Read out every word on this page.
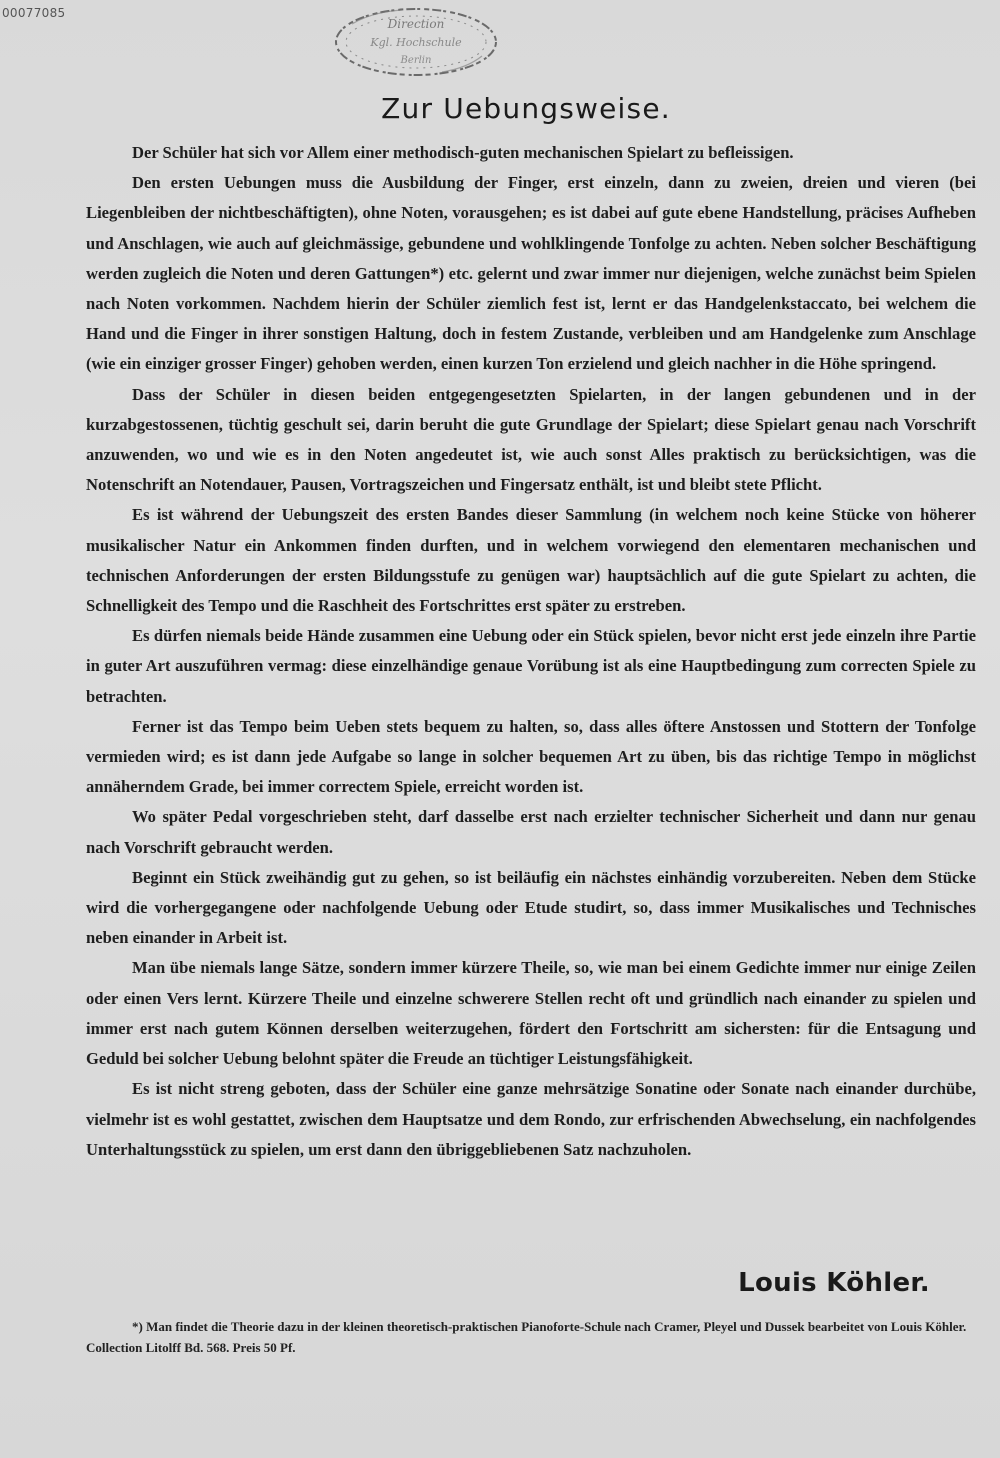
00077085
Direction
Kgl. Hochschule
Berlin
Zur Uebungsweise.

Der Schüler hat sich vor Allem einer methodisch-guten mechanischen Spielart zu befleissigen.

Den ersten Uebungen muss die Ausbildung der Finger, erst einzeln, dann zu zweien, dreien und vieren (bei Liegenbleiben der nichtbeschäftigten), ohne Noten, vorausgehen; es ist dabei auf gute ebene Handstellung, präcises Aufheben und Anschlagen, wie auch auf gleichmässige, gebundene und wohlklingende Tonfolge zu achten. Neben solcher Beschäftigung werden zugleich die Noten und deren Gattungen*) etc. gelernt und zwar immer nur diejenigen, welche zunächst beim Spielen nach Noten vorkommen. Nachdem hierin der Schüler ziemlich fest ist, lernt er das Handgelenkstaccato, bei welchem die Hand und die Finger in ihrer sonstigen Haltung, doch in festem Zustande, verbleiben und am Handgelenke zum Anschlage (wie ein einziger grosser Finger) gehoben werden, einen kurzen Ton erzielend und gleich nachher in die Höhe springend.

Dass der Schüler in diesen beiden entgegengesetzten Spielarten, in der langen gebundenen und in der kurzabgestossenen, tüchtig geschult sei, darin beruht die gute Grundlage der Spielart; diese Spielart genau nach Vorschrift anzuwenden, wo und wie es in den Noten angedeutet ist, wie auch sonst Alles praktisch zu berücksichtigen, was die Notenschrift an Notendauer, Pausen, Vortragszeichen und Fingersatz enthält, ist und bleibt stete Pflicht.

Es ist während der Uebungszeit des ersten Bandes dieser Sammlung (in welchem noch keine Stücke von höherer musikalischer Natur ein Ankommen finden durften, und in welchem vorwiegend den elementaren mechanischen und technischen Anforderungen der ersten Bildungsstufe zu genügen war) hauptsächlich auf die gute Spielart zu achten, die Schnelligkeit des Tempo und die Raschheit des Fortschrittes erst später zu erstreben.

Es dürfen niemals beide Hände zusammen eine Uebung oder ein Stück spielen, bevor nicht erst jede einzeln ihre Partie in guter Art auszuführen vermag: diese einzelhändige genaue Vorübung ist als eine Hauptbedingung zum correcten Spiele zu betrachten.

Ferner ist das Tempo beim Ueben stets bequem zu halten, so, dass alles öftere Anstossen und Stottern der Tonfolge vermieden wird; es ist dann jede Aufgabe so lange in solcher bequemen Art zu üben, bis das richtige Tempo in möglichst annäherndem Grade, bei immer correctem Spiele, erreicht worden ist.

Wo später Pedal vorgeschrieben steht, darf dasselbe erst nach erzielter technischer Sicherheit und dann nur genau nach Vorschrift gebraucht werden.

Beginnt ein Stück zweihändig gut zu gehen, so ist beiläufig ein nächstes einhändig vorzubereiten. Neben dem Stücke wird die vorhergegangene oder nachfolgende Uebung oder Etude studirt, so, dass immer Musikalisches und Technisches neben einander in Arbeit ist.

Man übe niemals lange Sätze, sondern immer kürzere Theile, so, wie man bei einem Gedichte immer nur einige Zeilen oder einen Vers lernt. Kürzere Theile und einzelne schwerere Stellen recht oft und gründlich nach einander zu spielen und immer erst nach gutem Können derselben weiterzugehen, fördert den Fortschritt am sichersten: für die Entsagung und Geduld bei solcher Uebung belohnt später die Freude an tüchtiger Leistungsfähigkeit.

Es ist nicht streng geboten, dass der Schüler eine ganze mehrsätzige Sonatine oder Sonate nach einander durchübe, vielmehr ist es wohl gestattet, zwischen dem Hauptsatze und dem Rondo, zur erfrischenden Abwechselung, ein nachfolgendes Unterhaltungsstück zu spielen, um erst dann den übriggebliebenen Satz nachzuholen.

Louis Köhler.

*) Man findet die Theorie dazu in der kleinen theoretisch-praktischen Pianoforte-Schule nach Cramer, Pleyel und Dussek bearbeitet von Louis Köhler. Collection Litolff Bd. 568. Preis 50 Pf.
